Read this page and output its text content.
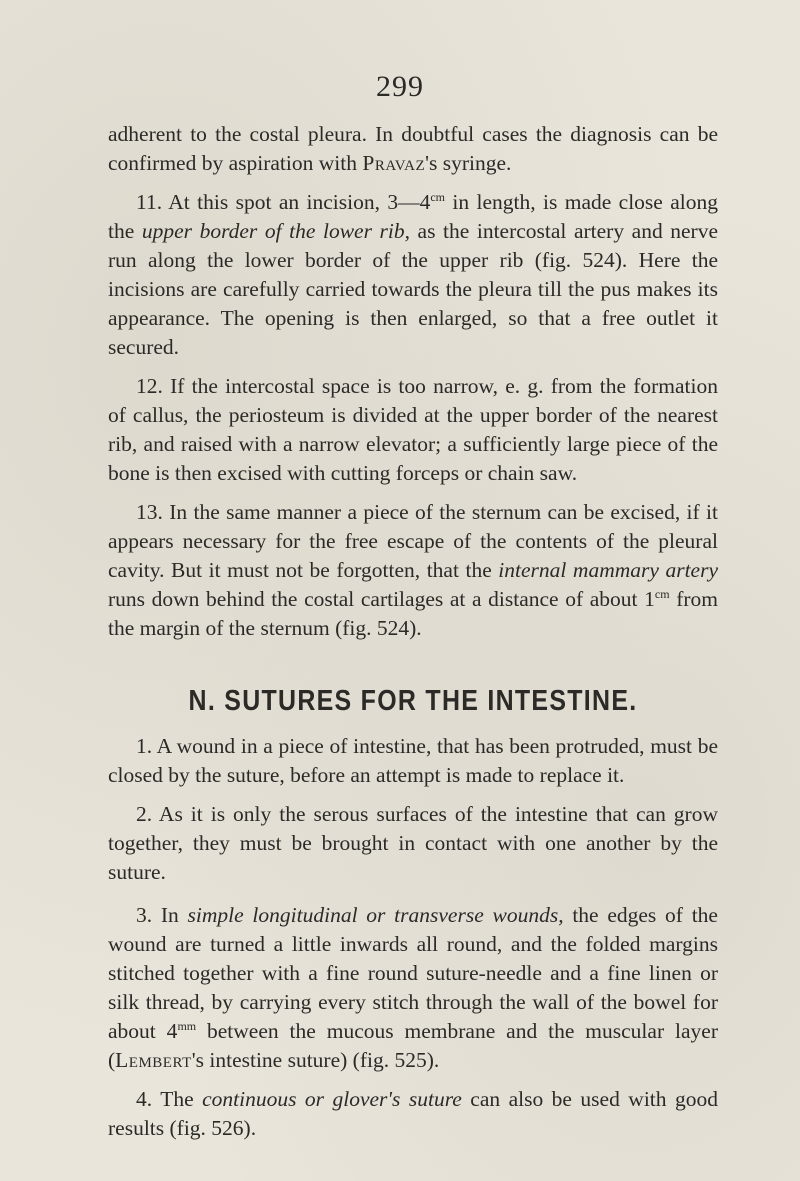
299

adherent to the costal pleura. In doubtful cases the diagnosis can be confirmed by aspiration with Pravaz's syringe.

11. At this spot an incision, $3—4^{cm}$ in length, is made close along the upper border of the lower rib, as the intercostal artery and nerve run along the lower border of the upper rib (fig. 524). Here the incisions are carefully carried towards the pleura till the pus makes its appearance. The opening is then enlarged, so that a free outlet it secured.

12. If the intercostal space is too narrow, e. g. from the formation of callus, the periosteum is divided at the upper border of the nearest rib, and raised with a narrow elevator; a sufficiently large piece of the bone is then excised with cutting forceps or chain saw.

13. In the same manner a piece of the sternum can be excised, if it appears necessary for the free escape of the contents of the pleural cavity. But it must not be forgotten, that the internal mammary artery runs down behind the costal cartilages at a distance of about $1^{cm}$ from the margin of the sternum (fig. 524).

N. SUTURES FOR THE INTESTINE.

1. A wound in a piece of intestine, that has been protruded, must be closed by the suture, before an attempt is made to replace it.

2. As it is only the serous surfaces of the intestine that can grow together, they must be brought in contact with one another by the suture.

3. In simple longitudinal or transverse wounds, the edges of the wound are turned a little inwards all round, and the folded margins stitched together with a fine round suture-needle and a fine linen or silk thread, by carrying every stitch through the wall of the bowel for about $4^{mm}$ between the mucous membrane and the muscular layer (Lembert's intestine suture) (fig. 525).

4. The continuous or glover's suture can also be used with good results (fig. 526).
